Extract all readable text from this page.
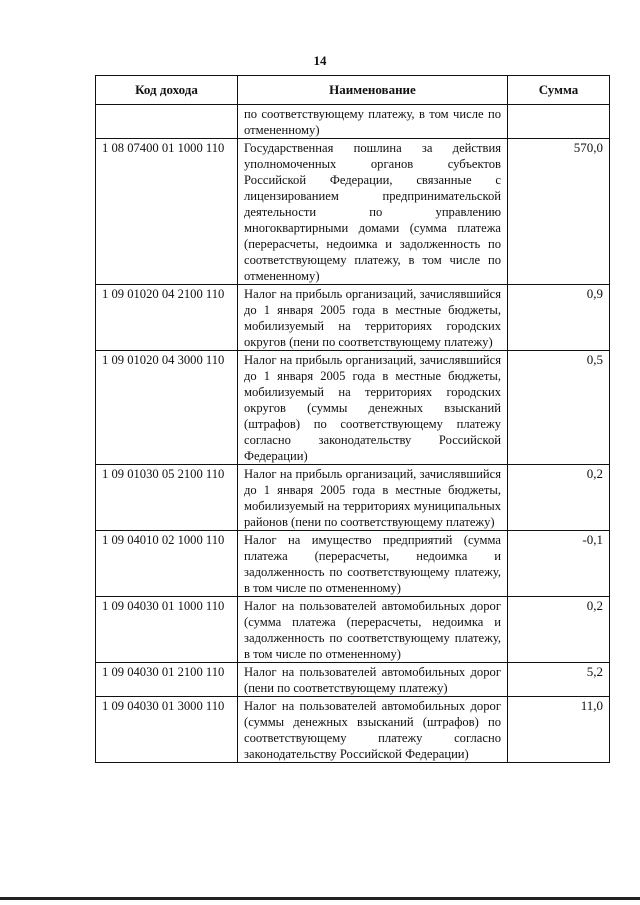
14
Код дохода	Наименование	Сумма
	по соответствующему платежу, в том числе по отмененному)	
1 08 07400 01 1000 110	Государственная пошлина за действия уполномоченных органов субъектов Российской Федерации, связанные с лицензированием предпринимательской деятельности по управлению многоквартирными домами (сумма платежа (перерасчеты, недоимка и задолженность по соответствующему платежу, в том числе по отмененному)	570,0
1 09 01020 04 2100 110	Налог на прибыль организаций, зачислявшийся до 1 января 2005 года в местные бюджеты, мобилизуемый на территориях городских округов (пени по соответствующему платежу)	0,9
1 09 01020 04 3000 110	Налог на прибыль организаций, зачислявшийся до 1 января 2005 года в местные бюджеты, мобилизуемый на территориях городских округов (суммы денежных взысканий (штрафов) по соответствующему платежу согласно законодательству Российской Федерации)	0,5
1 09 01030 05 2100 110	Налог на прибыль организаций, зачислявшийся до 1 января 2005 года в местные бюджеты, мобилизуемый на территориях муниципальных районов (пени по соответствующему платежу)	0,2
1 09 04010 02 1000 110	Налог на имущество предприятий (сумма платежа (перерасчеты, недоимка и задолженность по соответствующему платежу, в том числе по отмененному)	-0,1
1 09 04030 01 1000 110	Налог на пользователей автомобильных дорог (сумма платежа (перерасчеты, недоимка и задолженность по соответствующему платежу, в том числе по отмененному)	0,2
1 09 04030 01 2100 110	Налог на пользователей автомобильных дорог (пени по соответствующему платежу)	5,2
1 09 04030 01 3000 110	Налог на пользователей автомобильных дорог (суммы денежных взысканий (штрафов) по соответствующему платежу согласно законодательству Российской Федерации)	11,0
